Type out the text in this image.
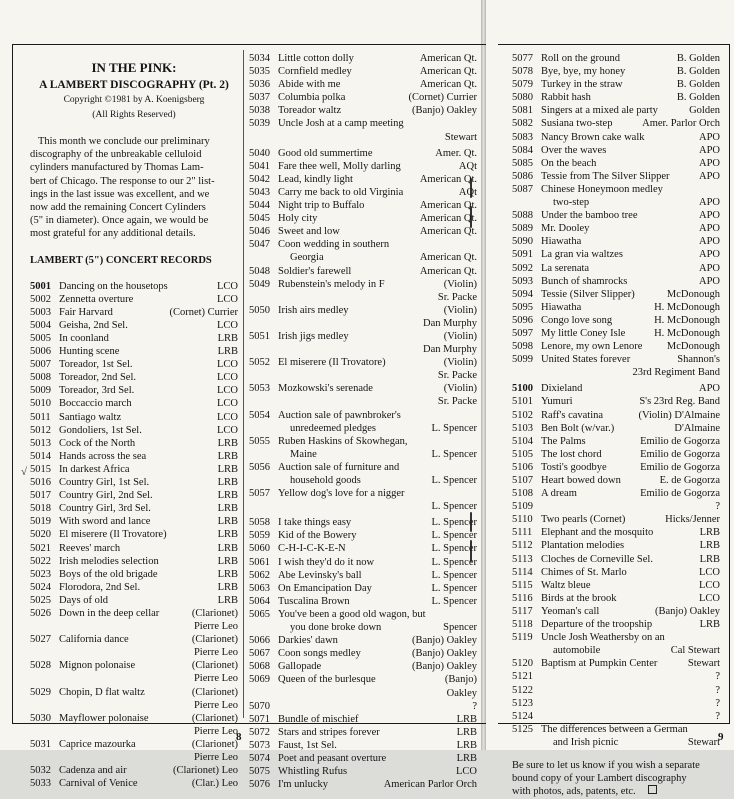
√
IN THE PINK:
A LAMBERT DISCOGRAPHY (Pt. 2)
Copyright ©1981 by A. Koenigsberg
(All Rights Reserved)
This month we conclude our preliminary
discography of the unbreakable celluloid
cylinders manufactured by Thomas Lam-
bert of Chicago. The response to our 2" list-
ings in the last issue was excellent, and we
now add the remaining Concert Cylinders
(5" in diameter). Once again, we would be
most grateful for any additional details.
LAMBERT (5") CONCERT RECORDS
5001 Dancing on the housetops	LCO
5002 Zennetta overture	LCO
5003 Fair Harvard	(Cornet) Currier
5004 Geisha, 2nd Sel.	LCO
5005 In coonland	LRB
5006 Hunting scene	LRB
5007 Toreador, 1st Sel.	LCO
5008 Toreador, 2nd Sel.	LCO
5009 Toreador, 3rd Sel.	LCO
5010 Boccaccio march	LCO
5011 Santiago waltz	LCO
5012 Gondoliers, 1st Sel.	LCO
5013 Cock of the North	LRB
5014 Hands across the sea	LRB
5015 In darkest Africa	LRB
5016 Country Girl, 1st Sel.	LRB
5017 Country Girl, 2nd Sel.	LRB
5018 Country Girl, 3rd Sel.	LRB
5019 With sword and lance	LRB
5020 El miserere (Il Trovatore)	LRB
5021 Reeves' march	LRB
5022 Irish melodies selection	LRB
5023 Boys of the old brigade	LRB
5024 Florodora, 2nd Sel.	LRB
5025 Days of old	LRB
5026 Down in the deep cellar	(Clarionet)
Pierre Leo
5027 California dance	(Clarionet)
Pierre Leo
5028 Mignon polonaise	(Clarionet)
Pierre Leo
5029 Chopin, D flat waltz	(Clarionet)
Pierre Leo
5030 Mayflower polonaise	(Clarionet)
Pierre Leo
5031 Caprice mazourka	(Clarionet)
Pierre Leo
5032 Cadenza and air	(Clarionet) Leo
5033 Carnival of Venice	(Clar.) Leo
5034 Little cotton dolly	American Qt.
5035 Cornfield medley	American Qt.
5036 Abide with me	American Qt.
5037 Columbia polka	(Cornet) Currier
5038 Toreador waltz	(Banjo) Oakley
5039 Uncle Josh at a camp meeting
Stewart
5040 Good old summertime	Amer. Qt.
5041 Fare thee well, Molly darling	AQt
5042 Lead, kindly light	American Qt.
5043 Carry me back to old Virginia	AQt
5044 Night trip to Buffalo	American Qt.
5045 Holy city	American Qt.
5046 Sweet and low	American Qt.
5047 Coon wedding in southern
Georgia	American Qt.
5048 Soldier's farewell	American Qt.
5049 Rubenstein's melody in F	(Violin)
Sr. Packe
5050 Irish airs medley	(Violin)
Dan Murphy
5051 Irish jigs medley	(Violin)
Dan Murphy
5052 El miserere (Il Trovatore)	(Violin)
Sr. Packe
5053 Mozkowski's serenade	(Violin)
Sr. Packe
5054 Auction sale of pawnbroker's
unredeemed pledges	L. Spencer
5055 Ruben Haskins of Skowhegan,
Maine	L. Spencer
5056 Auction sale of furniture and
household goods	L. Spencer
5057 Yellow dog's love for a nigger
L. Spencer
5058 I take things easy	L. Spencer
5059 Kid of the Bowery	L. Spencer
5060 C-H-I-C-K-E-N	L. Spencer
5061 I wish they'd do it now	L. Spencer
5062 Abe Levinsky's ball	L. Spencer
5063 On Emancipation Day	L. Spencer
5064 Tuscalina Brown	L. Spencer
5065 You've been a good old wagon, but
you done broke down	Spencer
5066 Darkies' dawn	(Banjo) Oakley
5067 Coon songs medley	(Banjo) Oakley
5068 Gallopade	(Banjo) Oakley
5069 Queen of the burlesque	(Banjo)
Oakley
5070	?
5071 Bundle of mischief	LRB
5072 Stars and stripes forever	LRB
5073 Faust, 1st Sel.	LRB
5074 Poet and peasant overture	LRB
5075 Whistling Rufus	LCO
5076 I'm unlucky	American Parlor Orch
5077 Roll on the ground	B. Golden
5078 Bye, bye, my honey	B. Golden
5079 Turkey in the straw	B. Golden
5080 Rabbit hash	B. Golden
5081 Singers at a mixed ale party	Golden
5082 Susiana two-step	Amer. Parlor Orch
5083 Nancy Brown cake walk	APO
5084 Over the waves	APO
5085 On the beach	APO
5086 Tessie from The Silver Slipper	APO
5087 Chinese Honeymoon medley
two-step	APO
5088 Under the bamboo tree	APO
5089 Mr. Dooley	APO
5090 Hiawatha	APO
5091 La gran via waltzes	APO
5092 La serenata	APO
5093 Bunch of shamrocks	APO
5094 Tessie (Silver Slipper)	McDonough
5095 Hiawatha	H. McDonough
5096 Congo love song	H. McDonough
5097 My little Coney Isle	H. McDonough
5098 Lenore, my own Lenore	McDonough
5099 United States forever	Shannon's
23rd Regiment Band
5100 Dixieland	APO
5101 Yumuri	S's 23rd Reg. Band
5102 Raff's cavatina	(Violin) D'Almaine
5103 Ben Bolt (w/var.)	D'Almaine
5104 The Palms	Emilio de Gogorza
5105 The lost chord	Emilio de Gogorza
5106 Tosti's goodbye	Emilio de Gogorza
5107 Heart bowed down	E. de Gogorza
5108 A dream	Emilio de Gogorza
5109	?
5110 Two pearls (Cornet)	Hicks/Jenner
5111 Elephant and the mosquito	LRB
5112 Plantation melodies	LRB
5113 Cloches de Corneville Sel.	LRB
5114 Chimes of St. Marlo	LCO
5115 Waltz bleue	LCO
5116 Birds at the brook	LCO
5117 Yeoman's call	(Banjo) Oakley
5118 Departure of the troopship	LRB
5119 Uncle Josh Weathersby on an
automobile	Cal Stewart
5120 Baptism at Pumpkin Center	Stewart
5121	?
5122	?
5123	?
5124	?
5125 The differences between a German
and Irish picnic	Stewart
Be sure to let us know if you wish a separate
bound copy of your Lambert discography
with photos, ads, patents, etc.
8	9
